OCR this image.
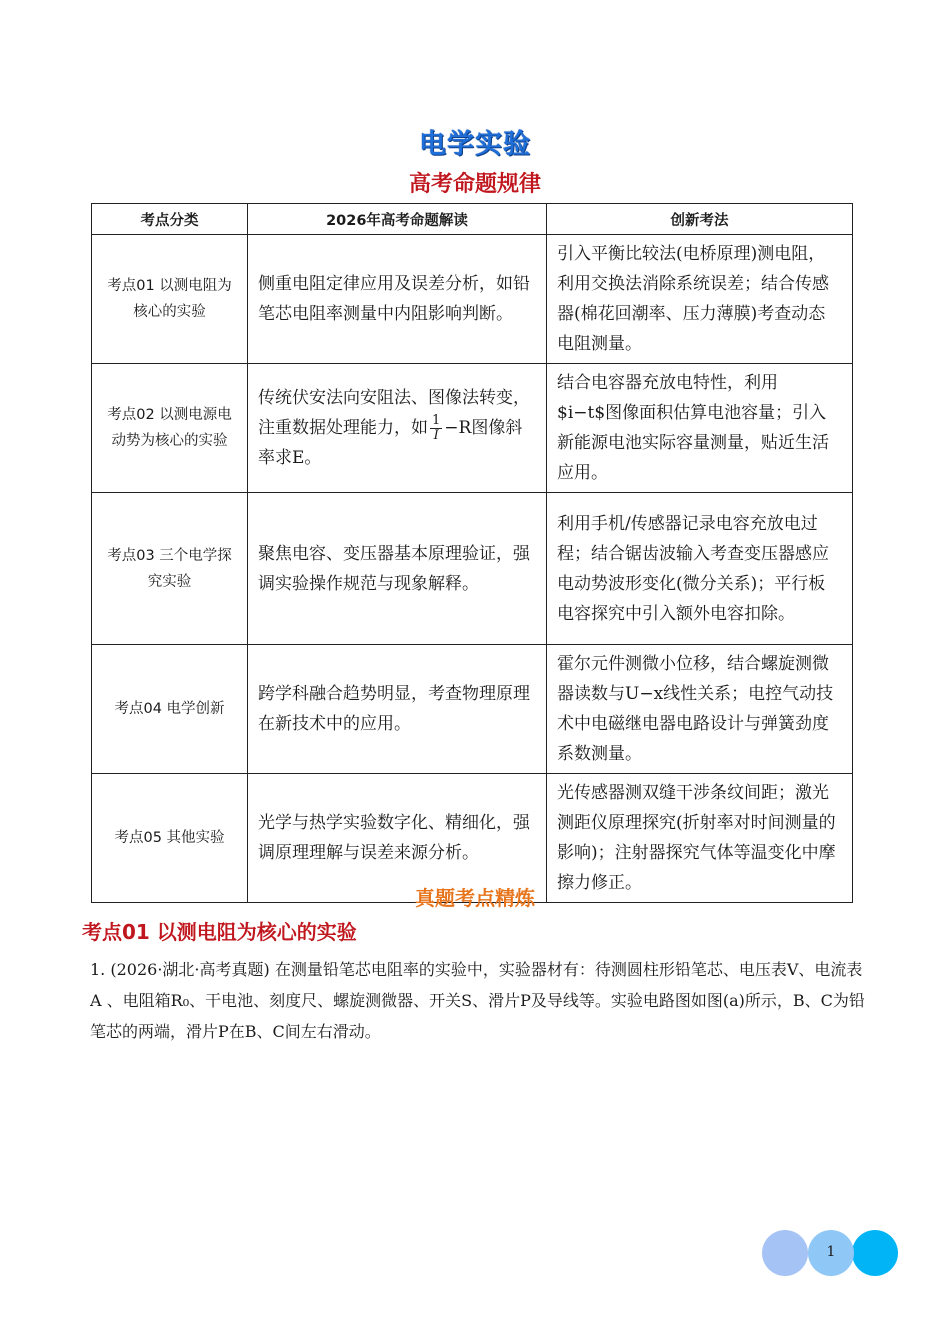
电学实验
高考命题规律
考点分类	2026年高考命题解读	创新考法
考点01 以测电阻为核心的实验	侧重电阻定律应用及误差分析，如铅笔芯电阻率测量中内阻影响判断。	引入平衡比较法(电桥原理)测电阻，利用交换法消除系统误差；结合传感器(棉花回潮率、压力薄膜)考查动态电阻测量。
考点02 以测电源电动势为核心的实验	传统伏安法向安阻法、图像法转变，注重数据处理能力，如 $\frac{1}{I} -R$图像斜率求E。	结合电容器充放电特性，利用$i−t$图像面积估算电池容量；引入新能源电池实际容量测量，贴近生活应用。
考点03 三个电学探究实验	聚焦电容、变压器基本原理验证，强调实验操作规范与现象解释。	利用手机/传感器记录电容充放电过程；结合锯齿波输入考查变压器感应电动势波形变化(微分关系)；平行板电容探究中引入额外电容扣除。
考点04 电学创新	跨学科融合趋势明显，考查物理原理在新技术中的应用。	霍尔元件测微小位移，结合螺旋测微器读数与U−x线性关系；电控气动技术中电磁继电器电路设计与弹簧劲度系数测量。
考点05 其他实验	光学与热学实验数字化、精细化，强调原理理解与误差来源分析。	光传感器测双缝干涉条纹间距；激光测距仪原理探究(折射率对时间测量的影响)；注射器探究气体等温变化中摩擦力修正。
真题考点精炼
考点01 以测电阻为核心的实验
1. (2026·湖北·高考真题) 在测量铅笔芯电阻率的实验中，实验器材有：待测圆柱形铅笔芯、电压表V、电流表A 、电阻箱R₀、干电池、刻度尺、螺旋测微器、开关S、滑片P及导线等。实验电路图如图(a)所示，B、C为铅笔芯的两端，滑片P在B、C间左右滑动。
1
